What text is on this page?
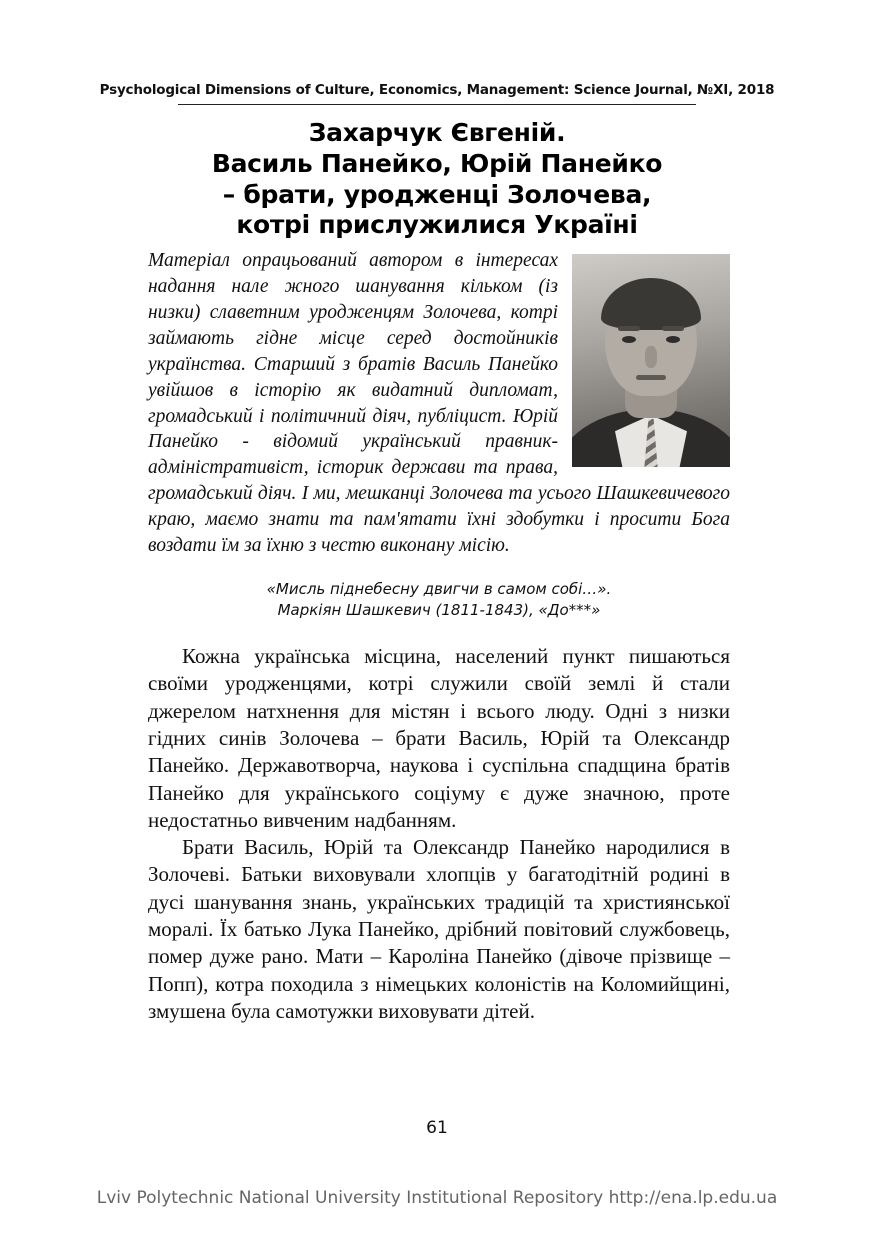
Psychological Dimensions of Culture, Economics, Management: Science Journal, №XI, 2018
Захарчук Євгеній.
Василь Панейко, Юрій Панейко
– брати, уродженці Золочева,
котрі прислужилися Україні
Матеріал опрацьований автором в інтересах надання нале жного шанування кільком (із низки) славетним уродженцям Золочева, котрі займають гідне місце серед достойників українства. Старший з братів Василь Панейко увійшов в історію як видатний дипломат, громадський і політичний діяч, публіцист. Юрій Панейко - відомий український правник-адміністративіст, історик держави та права, громадський діяч. І ми, мешканці Золочева та усього Шашкевичевого краю, маємо знати та пам'ятати їхні здобутки і просити Бога воздати їм за їхню з честю виконану місію.
«Мисль піднебесну двигчи в самом собі…».
Маркіян Шашкевич (1811-1843), «До***»

Кожна українська місцина, населений пункт пишаються своїми уродженцями, котрі служили своїй землі й стали джерелом натхнення для містян і всього люду. Одні з низки гідних синів Золочева – брати Василь, Юрій та Олександр Панейко. Державотворча, наукова і суспільна спадщина братів Панейко для українського соціуму є дуже значною, проте недостатньо вивченим надбанням.

Брати Василь, Юрій та Олександр Панейко народилися в Золочеві. Батьки виховували хлопців у багатодітній родині в дусі шанування знань, українських традицій та християнської моралі. Їх батько Лука Панейко, дрібний повітовий службовець, помер дуже рано. Мати – Кароліна Панейко (дівоче прізвище – Попп), котра походила з німецьких колоністів на Коломийщині, змушена була самотужки виховувати дітей.

61
Lviv Polytechnic National University Institutional Repository http://ena.lp.edu.ua
